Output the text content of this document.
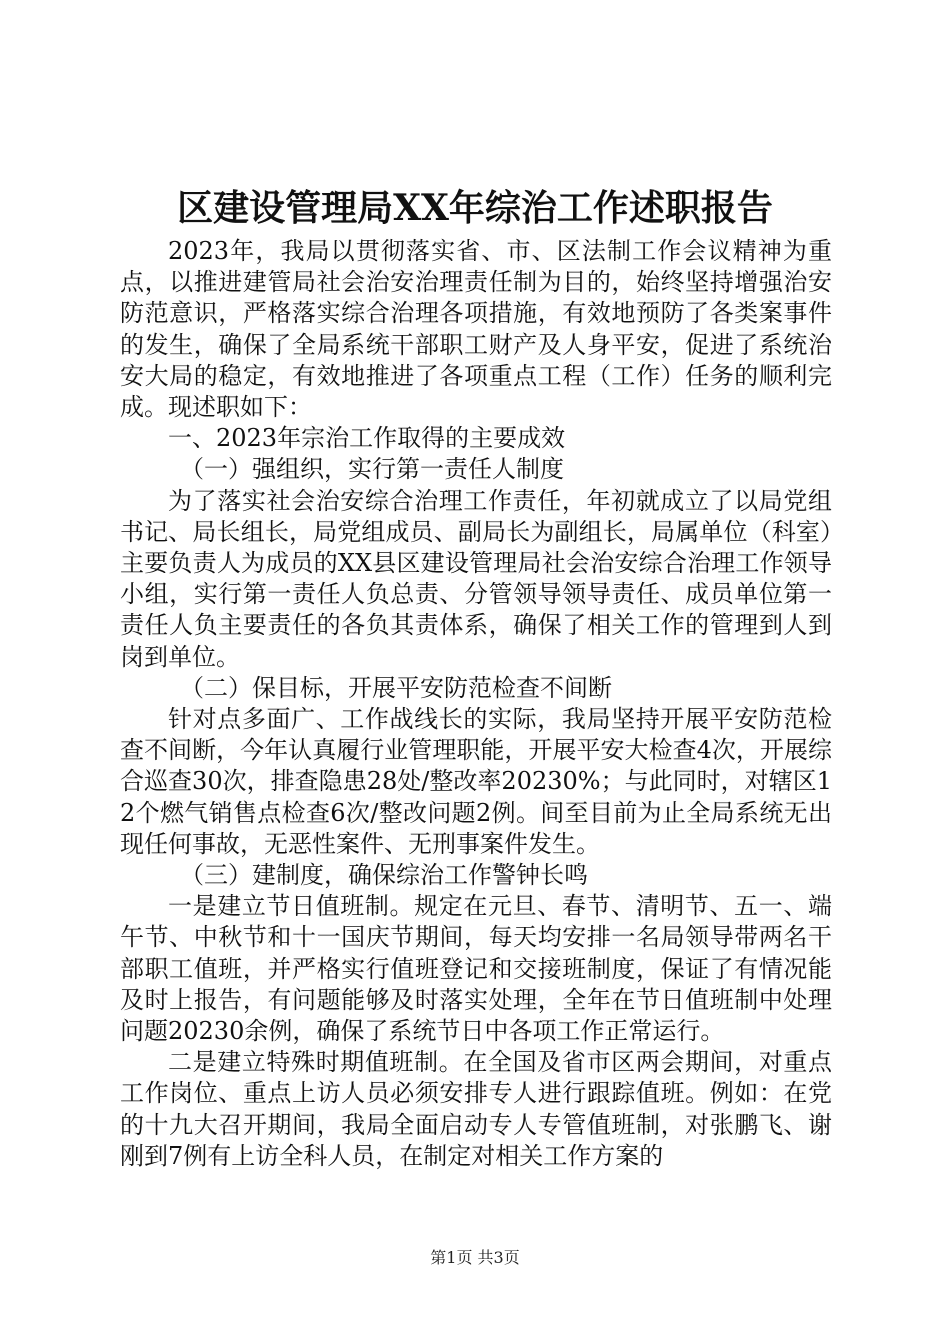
区建设管理局XX年综治工作述职报告

2023年，我局以贯彻落实省、市、区法制工作会议精神为重点，以推进建管局社会治安治理责任制为目的，始终坚持增强治安防范意识，严格落实综合治理各项措施，有效地预防了各类案事件的发生，确保了全局系统干部职工财产及人身平安，促进了系统治安大局的稳定，有效地推进了各项重点工程（工作）任务的顺利完成。现述职如下：

一、2023年宗治工作取得的主要成效

（一）强组织，实行第一责任人制度

为了落实社会治安综合治理工作责任，年初就成立了以局党组书记、局长组长，局党组成员、副局长为副组长，局属单位（科室）主要负责人为成员的XX县区建设管理局社会治安综合治理工作领导小组，实行第一责任人负总责、分管领导领导责任、成员单位第一责任人负主要责任的各负其责体系，确保了相关工作的管理到人到岗到单位。

（二）保目标，开展平安防范检查不间断

针对点多面广、工作战线长的实际，我局坚持开展平安防范检查不间断，今年认真履行业管理职能，开展平安大检查4次，开展综合巡查30次，排查隐患28处/整改率20230%；与此同时，对辖区12个燃气销售点检查6次/整改问题2例。间至目前为止全局系统无出现任何事故，无恶性案件、无刑事案件发生。

（三）建制度，确保综治工作警钟长鸣

一是建立节日值班制。规定在元旦、春节、清明节、五一、端午节、中秋节和十一国庆节期间，每天均安排一名局领导带两名干部职工值班，并严格实行值班登记和交接班制度，保证了有情况能及时上报告，有问题能够及时落实处理，全年在节日值班制中处理问题20230余例，确保了系统节日中各项工作正常运行。

二是建立特殊时期值班制。在全国及省市区两会期间，对重点工作岗位、重点上访人员必须安排专人进行跟踪值班。例如：在党的十九大召开期间，我局全面启动专人专管值班制，对张鹏飞、谢刚到7例有上访全科人员，在制定对相关工作方案的

第1页 共3页
